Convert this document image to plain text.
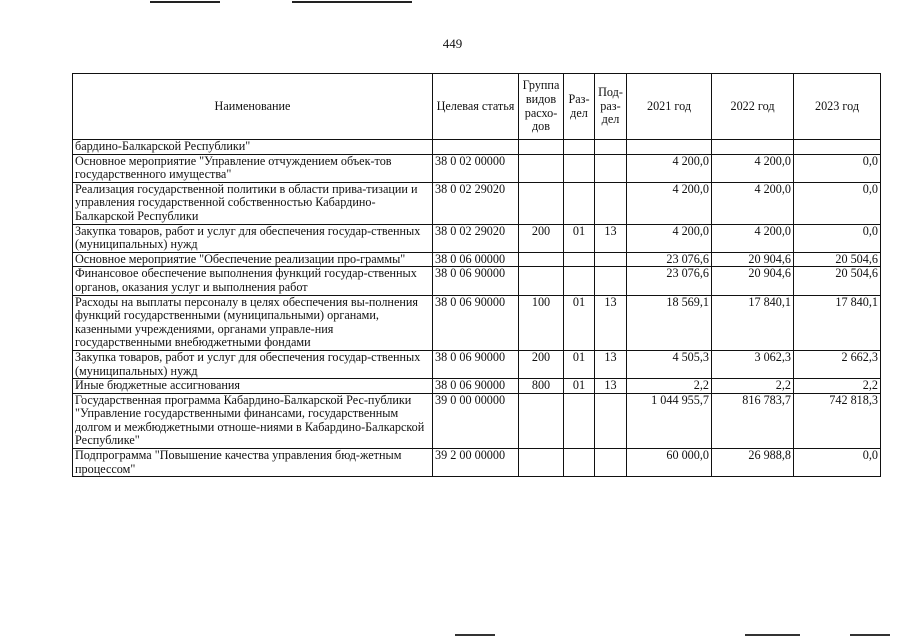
449
Наименование	Целевая статья	Группа видов расхо-дов	Раз-дел	Под-раз-дел	2021 год	2022 год	2023 год
бардино-Балкарской Республики"							
Основное мероприятие "Управление отчуждением объек-тов государственного имущества"	38 0 02 00000				4 200,0	4 200,0	0,0
Реализация государственной политики в области прива-тизации и управления государственной собственностью Кабардино-Балкарской Республики	38 0 02 29020				4 200,0	4 200,0	0,0
Закупка товаров, работ и услуг для обеспечения государ-ственных (муниципальных) нужд	38 0 02 29020	200	01	13	4 200,0	4 200,0	0,0
Основное мероприятие "Обеспечение реализации про-граммы"	38 0 06 00000				23 076,6	20 904,6	20 504,6
Финансовое обеспечение выполнения функций государ-ственных органов, оказания услуг и выполнения работ	38 0 06 90000				23 076,6	20 904,6	20 504,6
Расходы на выплаты персоналу в целях обеспечения вы-полнения функций государственными (муниципальными) органами, казенными учреждениями, органами управле-ния государственными внебюджетными фондами	38 0 06 90000	100	01	13	18 569,1	17 840,1	17 840,1
Закупка товаров, работ и услуг для обеспечения государ-ственных (муниципальных) нужд	38 0 06 90000	200	01	13	4 505,3	3 062,3	2 662,3
Иные бюджетные ассигнования	38 0 06 90000	800	01	13	2,2	2,2	2,2
Государственная программа Кабардино-Балкарской Рес-публики "Управление государственными финансами, государственным долгом и межбюджетными отноше-ниями в Кабардино-Балкарской Республике"	39 0 00 00000				1 044 955,7	816 783,7	742 818,3
Подпрограмма "Повышение качества управления бюд-жетным процессом"	39 2 00 00000				60 000,0	26 988,8	0,0
